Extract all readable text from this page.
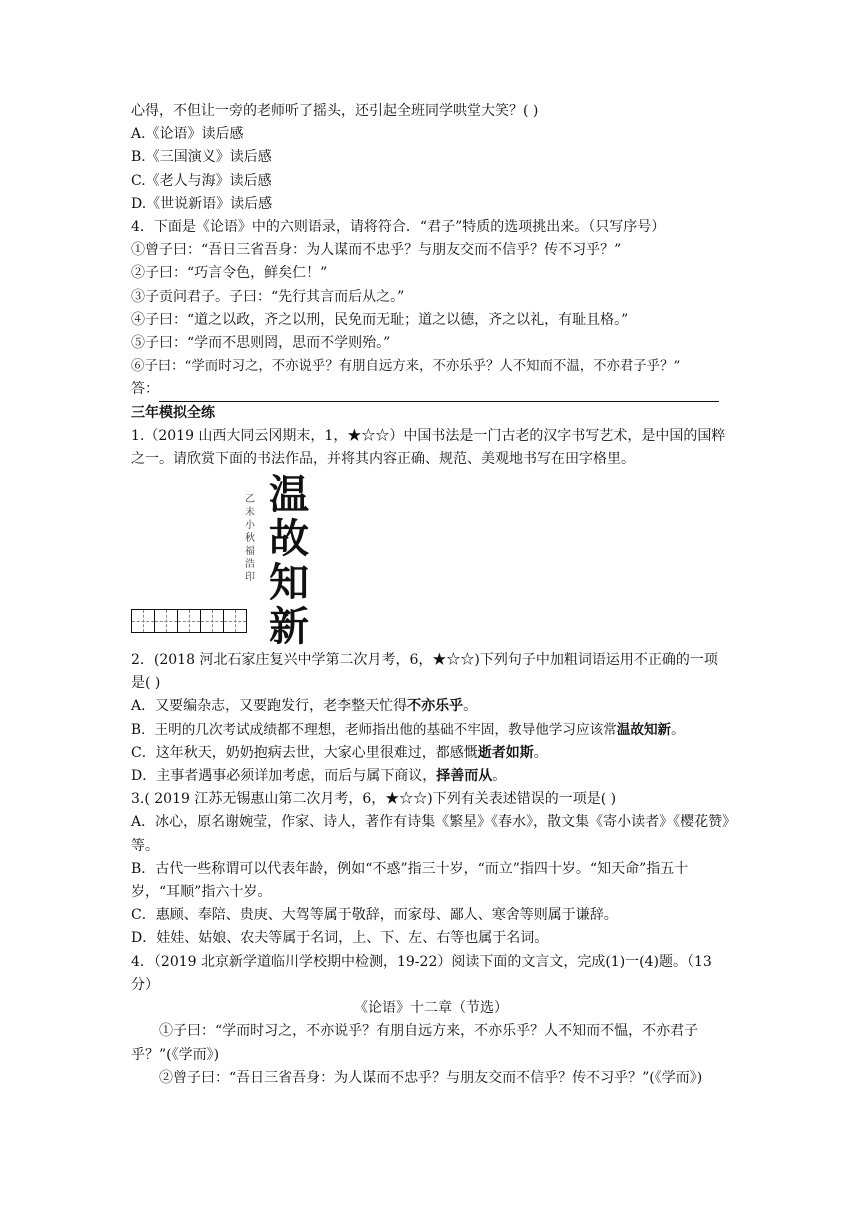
心得，不但让一旁的老师听了摇头，还引起全班同学哄堂大笑？( )
A.《论语》读后感
B.《三国演义》读后感
C.《老人与海》读后感
D.《世说新语》读后感
4．下面是《论语》中的六则语录，请将符合．“君子”特质的选项挑出来。（只写序号）
①曾子曰：“吾日三省吾身：为人谋而不忠乎？与朋友交而不信乎？传不习乎？”
②子曰：“巧言令色，鲜矣仁！”
③子贡问君子。子曰：“先行其言而后从之。”
④子曰：“道之以政，齐之以刑，民免而无耻；道之以德，齐之以礼，有耻且格。”
⑤子曰：“学而不思则罔，思而不学则殆。”
⑥子曰：“学而时习之，不亦说乎？有朋自远方来，不亦乐乎？人不知而不温，不亦君子乎？”
答：
三年模拟全练
1.（2019 山西大同云冈期末，1，★☆☆）中国书法是一门古老的汉字书写艺术，是中国的国粹之一。请欣赏下面的书法作品，并将其内容正确、规范、美观地书写在田字格里。
乙
未
小
秋
福
浩
印
温
故
知
新
2．(2018 河北石家庄复兴中学第二次月考，6，★☆☆)下列句子中加粗词语运用不正确的一项是( )
A．又要编杂志，又要跑发行，老李整天忙得不亦乐乎。
B．王明的几次考试成绩都不理想，老师指出他的基础不牢固，教导他学习应该常温故知新。
C．这年秋天，奶奶抱病去世，大家心里很难过，都感慨逝者如斯。
D．主事者遇事必须详加考虑，而后与属下商议，择善而从。
3.( 2019 江苏无锡惠山第二次月考，6，★☆☆)下列有关表述错误的一项是( )
A．冰心，原名谢婉莹，作家、诗人，著作有诗集《繁星》《春水》，散文集《寄小读者》《樱花赞》等。
B．古代一些称谓可以代表年龄，例如“不惑”指三十岁，“而立”指四十岁。“知天命”指五十岁，“耳顺”指六十岁。
C．惠顾、奉陪、贵庚、大驾等属于敬辞，而家母、鄙人、寒舍等则属于谦辞。
D．娃娃、姑娘、农夫等属于名词，上、下、左、右等也属于名词。
4．（2019 北京新学道临川学校期中检测，19-22）阅读下面的文言文，完成(1)一(4)题。（13 分）
《论语》十二章（节选）
①子曰：“学而时习之，不亦说乎？有朋自远方来，不亦乐乎？人不知而不愠，不亦君子乎？”(《学而》)
②曾子曰：“吾日三省吾身：为人谋而不忠乎？与朋友交而不信乎？传不习乎？”(《学而》)
